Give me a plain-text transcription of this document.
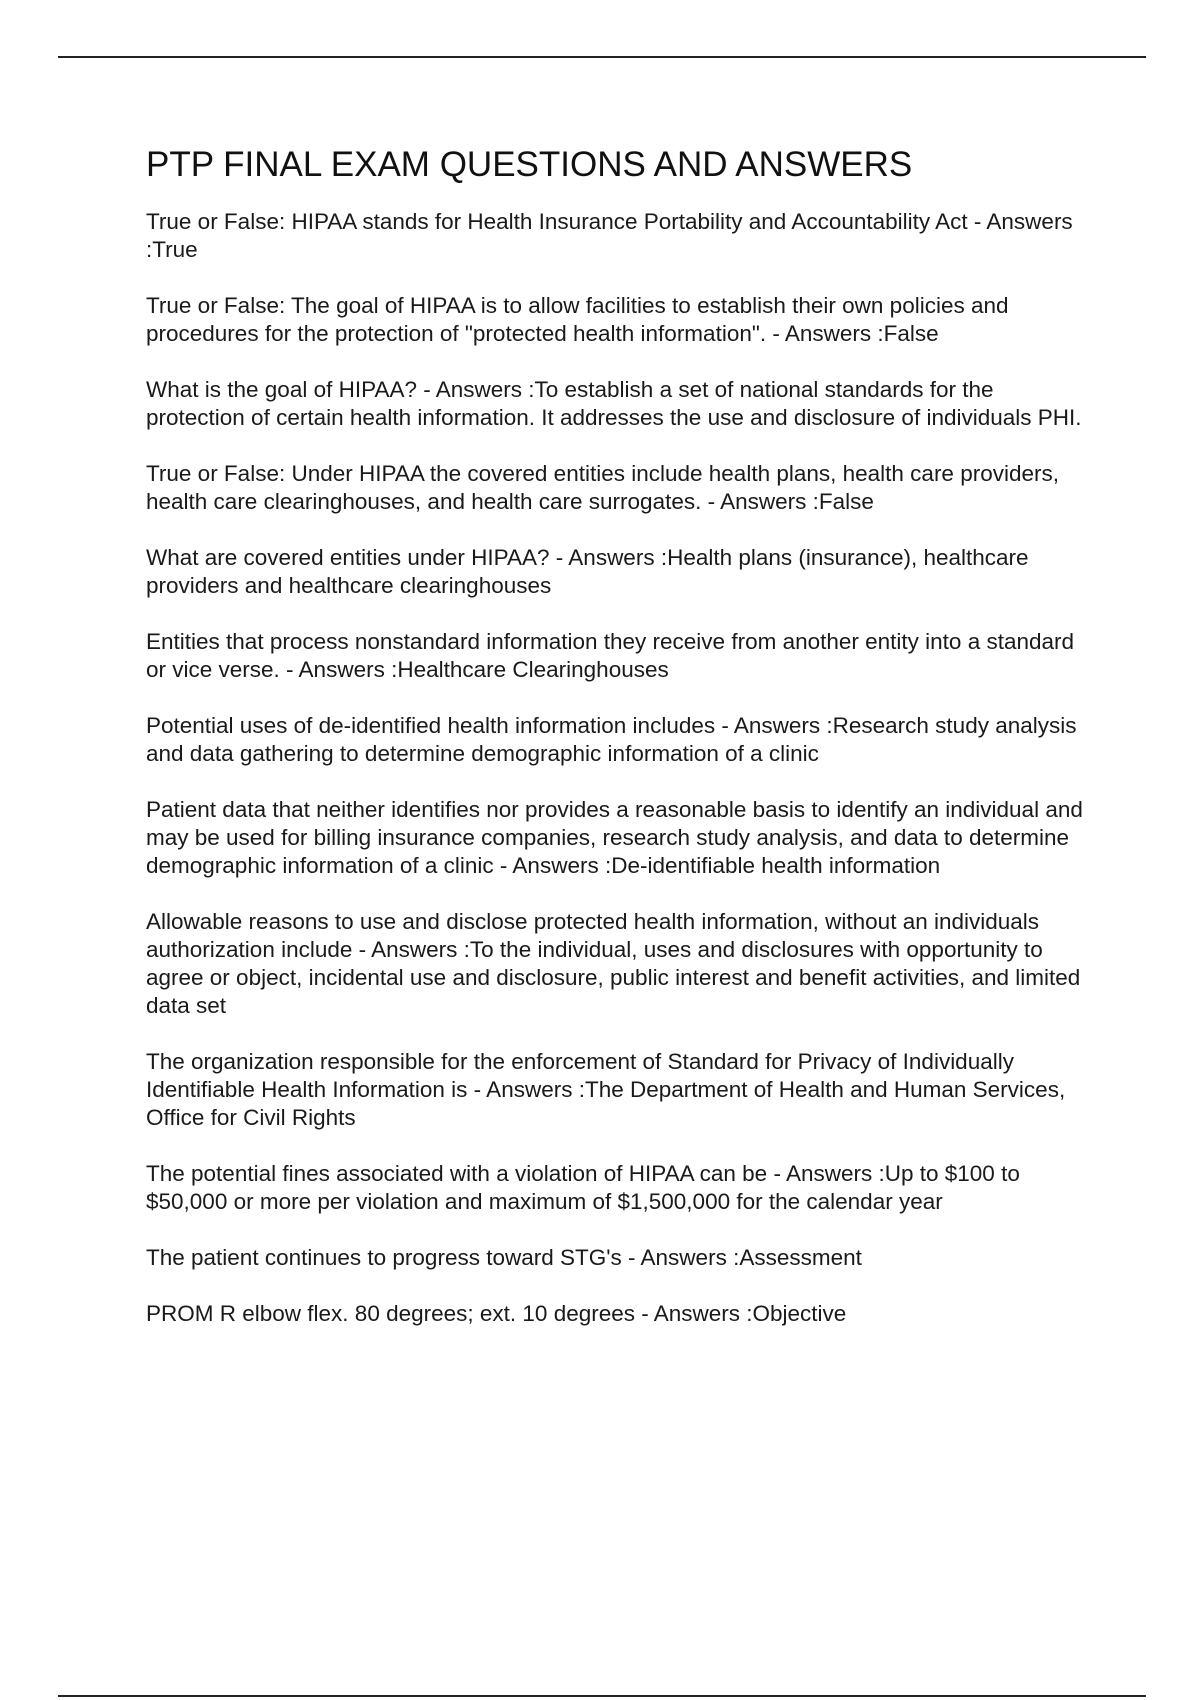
PTP FINAL EXAM QUESTIONS AND ANSWERS

True or False: HIPAA stands for Health Insurance Portability and Accountability Act - Answers :True

True or False: The goal of HIPAA is to allow facilities to establish their own policies and procedures for the protection of "protected health information". - Answers :False

What is the goal of HIPAA? - Answers :To establish a set of national standards for the protection of certain health information. It addresses the use and disclosure of individuals PHI.

True or False: Under HIPAA the covered entities include health plans, health care providers, health care clearinghouses, and health care surrogates. - Answers :False

What are covered entities under HIPAA? - Answers :Health plans (insurance), healthcare providers and healthcare clearinghouses

Entities that process nonstandard information they receive from another entity into a standard or vice verse. - Answers :Healthcare Clearinghouses

Potential uses of de-identified health information includes - Answers :Research study analysis and data gathering to determine demographic information of a clinic

Patient data that neither identifies nor provides a reasonable basis to identify an individual and may be used for billing insurance companies, research study analysis, and data to determine demographic information of a clinic - Answers :De-identifiable health information

Allowable reasons to use and disclose protected health information, without an individuals authorization include - Answers :To the individual, uses and disclosures with opportunity to agree or object, incidental use and disclosure, public interest and benefit activities, and limited data set

The organization responsible for the enforcement of Standard for Privacy of Individually Identifiable Health Information is - Answers :The Department of Health and Human Services, Office for Civil Rights

The potential fines associated with a violation of HIPAA can be - Answers :Up to $100 to $50,000 or more per violation and maximum of $1,500,000 for the calendar year

The patient continues to progress toward STG's - Answers :Assessment

PROM R elbow flex. 80 degrees; ext. 10 degrees - Answers :Objective
